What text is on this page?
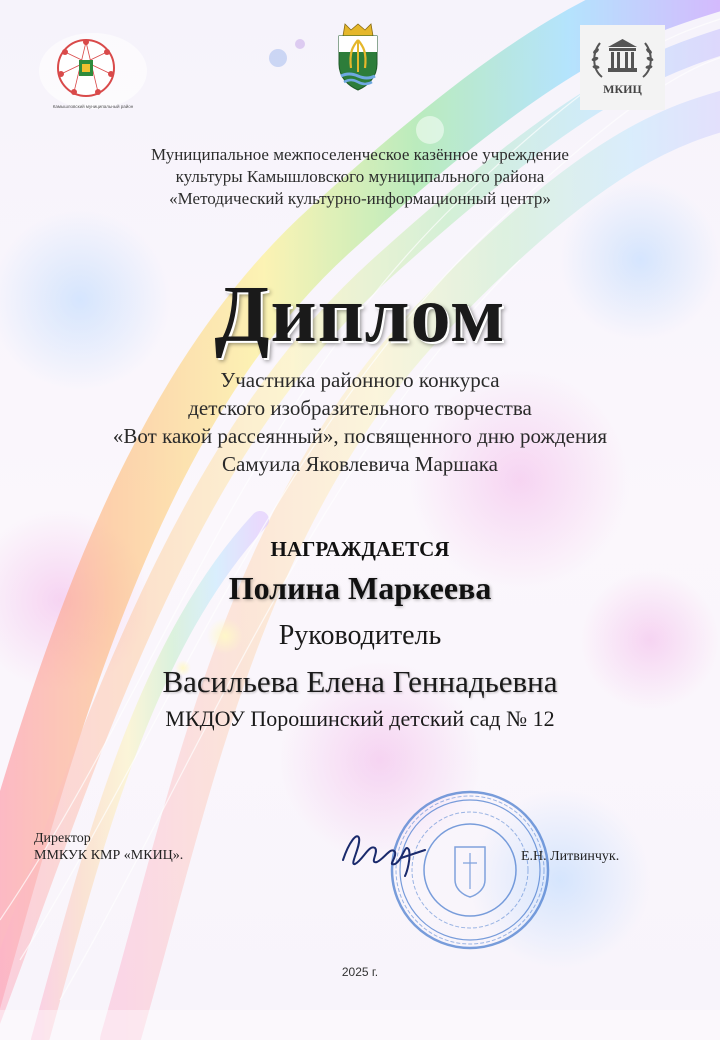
Камышловский муниципальный район
МКИЦ
Муниципальное межпоселенческое казённое учреждение
культуры Камышловского муниципального района
«Методический культурно-информационный центр»
Диплом
Участника районного конкурса
детского изобразительного творчества
«Вот какой рассеянный», посвященного дню рождения
Самуила Яковлевича Маршака
НАГРАЖДАЕТСЯ
Полина Маркеева
Руководитель
Васильева Елена Геннадьевна
МКДОУ Порошинский детский сад № 12
Директор
ММКУК КМР «МКИЦ».	Е.Н. Литвинчук.
2025 г.
